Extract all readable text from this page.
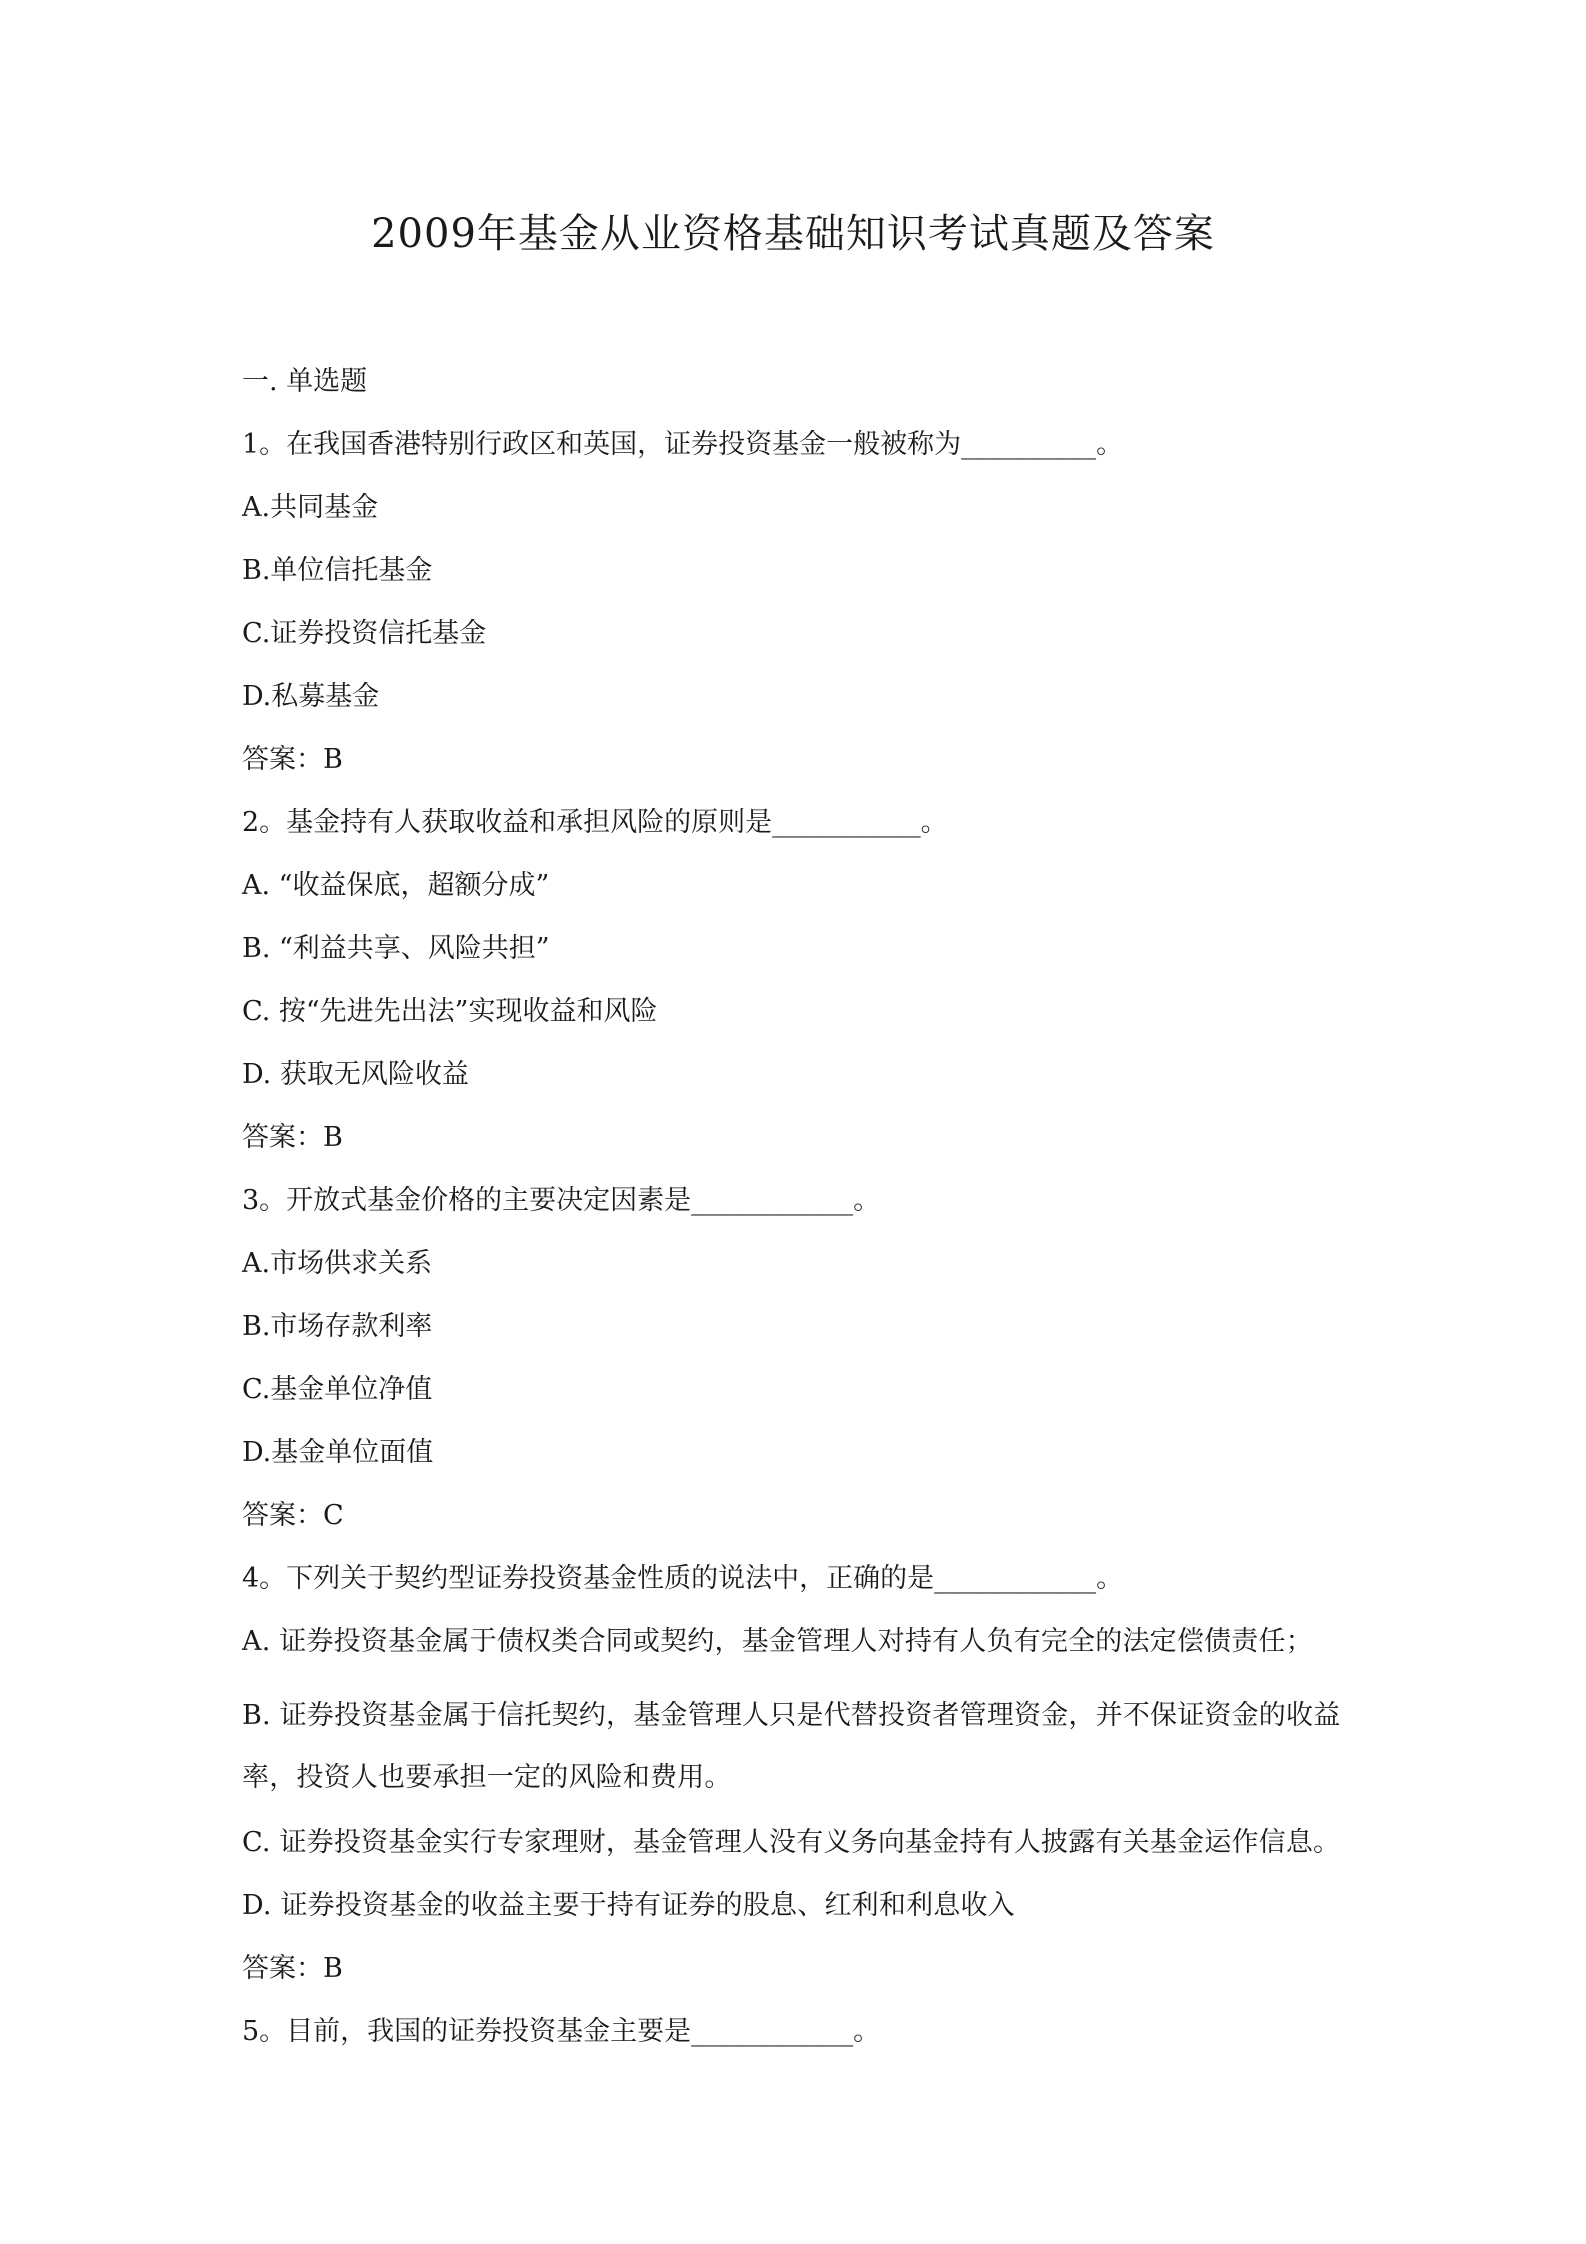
2009年基金从业资格基础知识考试真题及答案
一. 单选题
1。在我国香港特别行政区和英国，证券投资基金一般被称为__________。
A.共同基金
B.单位信托基金
C.证券投资信托基金
D.私募基金
答案：B
2。基金持有人获取收益和承担风险的原则是___________。
A. “收益保底，超额分成”
B. “利益共享、风险共担”
C. 按“先进先出法”实现收益和风险
D. 获取无风险收益
答案：B
3。开放式基金价格的主要决定因素是____________。
A.市场供求关系
B.市场存款利率
C.基金单位净值
D.基金单位面值
答案：C
4。下列关于契约型证券投资基金性质的说法中，正确的是____________。
A. 证券投资基金属于债权类合同或契约，基金管理人对持有人负有完全的法定偿债责任；
B. 证券投资基金属于信托契约，基金管理人只是代替投资者管理资金，并不保证资金的收益率，投资人也要承担一定的风险和费用。
C. 证券投资基金实行专家理财，基金管理人没有义务向基金持有人披露有关基金运作信息。
D. 证券投资基金的收益主要于持有证券的股息、红利和利息收入
答案：B
5。目前，我国的证券投资基金主要是____________。
